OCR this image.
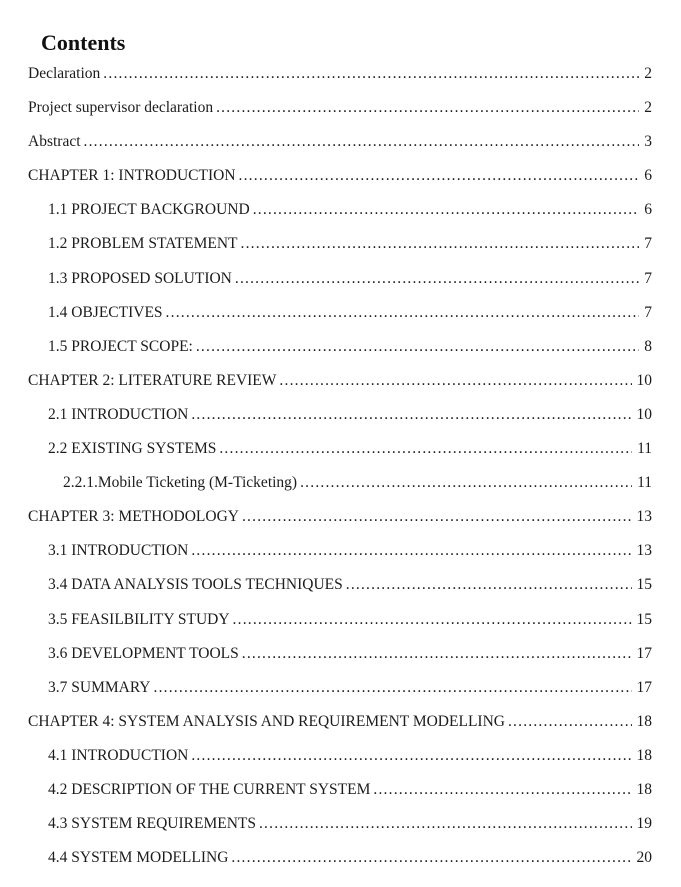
Contents
Declaration .....	2
Project supervisor declaration .....	2
Abstract .....	3
CHAPTER 1: INTRODUCTION .....	6
1.1 PROJECT BACKGROUND .....	6
1.2 PROBLEM STATEMENT .....	7
1.3 PROPOSED SOLUTION .....	7
1.4 OBJECTIVES .....	7
1.5 PROJECT SCOPE: .....	8
CHAPTER 2: LITERATURE REVIEW .....	10
2.1 INTRODUCTION .....	10
2.2 EXISTING SYSTEMS .....	11
2.2.1.Mobile Ticketing (M-Ticketing) .....	11
CHAPTER 3: METHODOLOGY .....	13
3.1 INTRODUCTION .....	13
3.4 DATA ANALYSIS TOOLS TECHNIQUES .....	15
3.5 FEASILBILITY STUDY .....	15
3.6 DEVELOPMENT TOOLS .....	17
3.7 SUMMARY .....	17
CHAPTER 4: SYSTEM ANALYSIS AND REQUIREMENT MODELLING .....	18
4.1 INTRODUCTION .....	18
4.2 DESCRIPTION OF THE CURRENT SYSTEM .....	18
4.3 SYSTEM REQUIREMENTS .....	19
4.4 SYSTEM MODELLING .....	20
